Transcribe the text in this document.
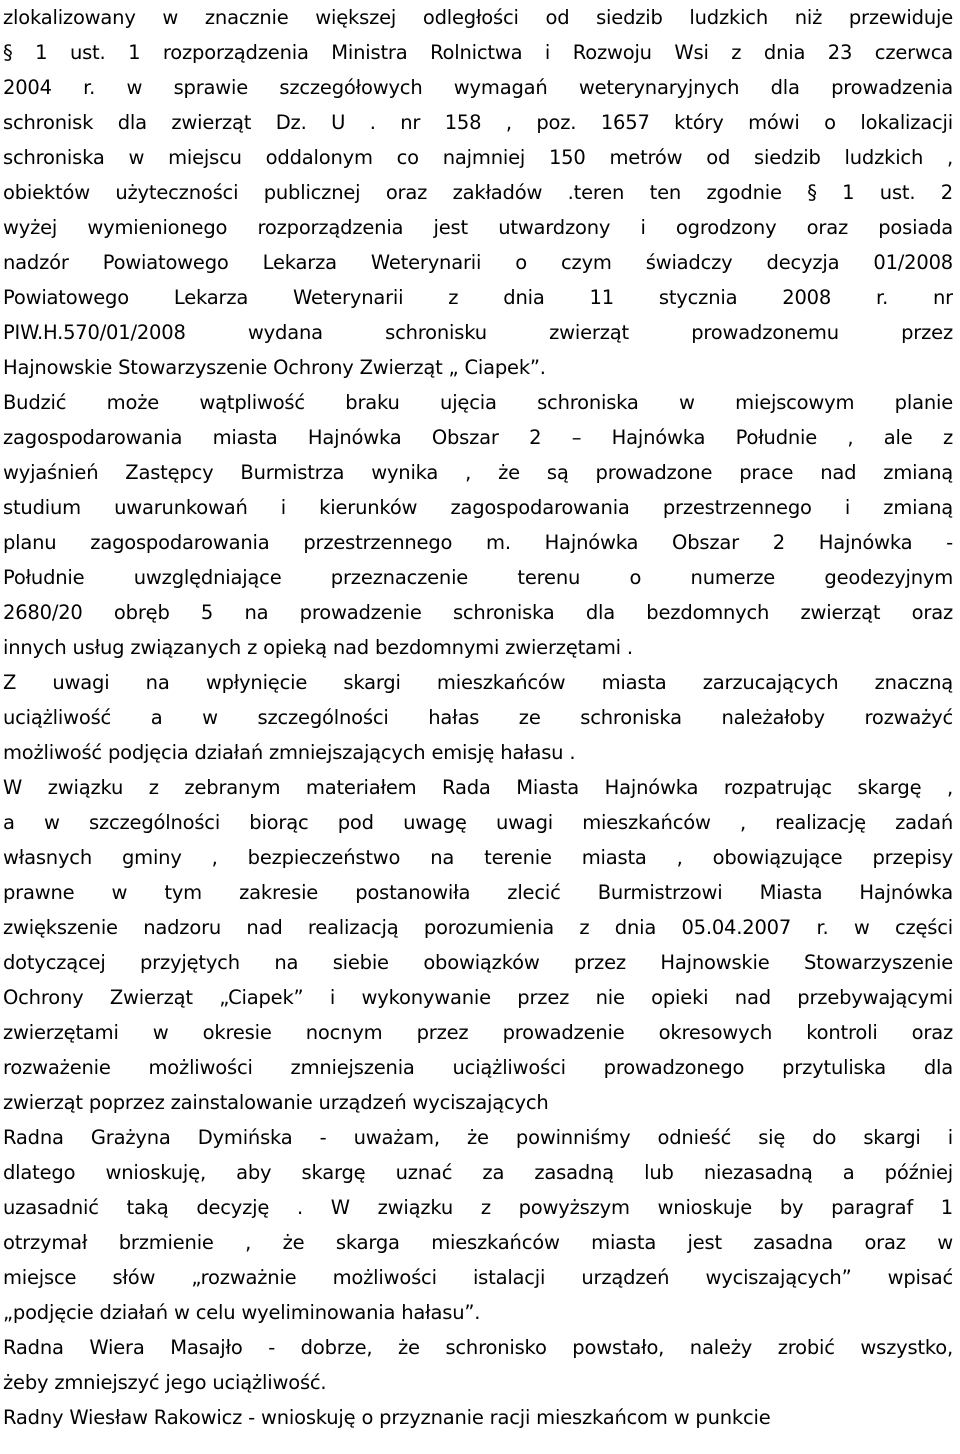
zlokalizowany w znacznie większej odległości od siedzib ludzkich niż przewiduje
§ 1 ust. 1 rozporządzenia Ministra Rolnictwa i Rozwoju Wsi z dnia 23 czerwca
2004 r. w sprawie szczegółowych wymagań weterynaryjnych dla prowadzenia
schronisk dla zwierząt Dz. U . nr 158 , poz. 1657 który mówi o lokalizacji
schroniska w miejscu oddalonym co najmniej 150 metrów od siedzib ludzkich ,
obiektów użyteczności publicznej oraz zakładów .teren ten zgodnie § 1 ust. 2
wyżej wymienionego rozporządzenia jest utwardzony i ogrodzony oraz posiada
nadzór Powiatowego Lekarza Weterynarii o czym świadczy decyzja 01/2008
Powiatowego Lekarza Weterynarii z dnia 11 stycznia 2008 r. nr
PIW.H.570/01/2008 wydana schronisku zwierząt prowadzonemu przez
Hajnowskie Stowarzyszenie Ochrony Zwierząt „ Ciapek”.
Budzić może wątpliwość braku ujęcia schroniska w miejscowym planie
zagospodarowania miasta Hajnówka Obszar 2 – Hajnówka Południe , ale z
wyjaśnień Zastępcy Burmistrza wynika , że są prowadzone prace nad zmianą
studium uwarunkowań i kierunków zagospodarowania przestrzennego i zmianą
planu zagospodarowania przestrzennego m. Hajnówka Obszar 2 Hajnówka -
Południe uwzględniające przeznaczenie terenu o numerze geodezyjnym
2680/20 obręb 5 na prowadzenie schroniska dla bezdomnych zwierząt oraz
innych usług związanych z opieką nad bezdomnymi zwierzętami .
Z uwagi na wpłynięcie skargi mieszkańców miasta zarzucających znaczną
uciążliwość a w szczególności hałas ze schroniska należałoby rozważyć
możliwość podjęcia działań zmniejszających emisję hałasu .
W związku z zebranym materiałem Rada Miasta Hajnówka rozpatrując skargę ,
a w szczególności biorąc pod uwagę uwagi mieszkańców , realizację zadań
własnych gminy , bezpieczeństwo na terenie miasta , obowiązujące przepisy
prawne w tym zakresie postanowiła zlecić Burmistrzowi Miasta Hajnówka
zwiększenie nadzoru nad realizacją porozumienia z dnia 05.04.2007 r. w części
dotyczącej przyjętych na siebie obowiązków przez Hajnowskie Stowarzyszenie
Ochrony Zwierząt „Ciapek” i wykonywanie przez nie opieki nad przebywającymi
zwierzętami w okresie nocnym przez prowadzenie okresowych kontroli oraz
rozważenie możliwości zmniejszenia uciążliwości prowadzonego przytuliska dla
zwierząt poprzez zainstalowanie urządzeń wyciszających
Radna Grażyna Dymińska - uważam, że powinniśmy odnieść się do skargi i
dlatego wnioskuję, aby skargę uznać za zasadną lub niezasadną a później
uzasadnić taką decyzję . W związku z powyższym wnioskuje by paragraf 1
otrzymał brzmienie , że skarga mieszkańców miasta jest zasadna oraz w
miejsce słów „rozważnie możliwości istalacji urządzeń wyciszających” wpisać
„podjęcie działań w celu wyeliminowania hałasu”.
Radna Wiera Masajło - dobrze, że schronisko powstało, należy zrobić wszystko,
żeby zmniejszyć jego uciążliwość.
Radny Wiesław Rakowicz - wnioskuję o przyznanie racji mieszkańcom w punkcie
